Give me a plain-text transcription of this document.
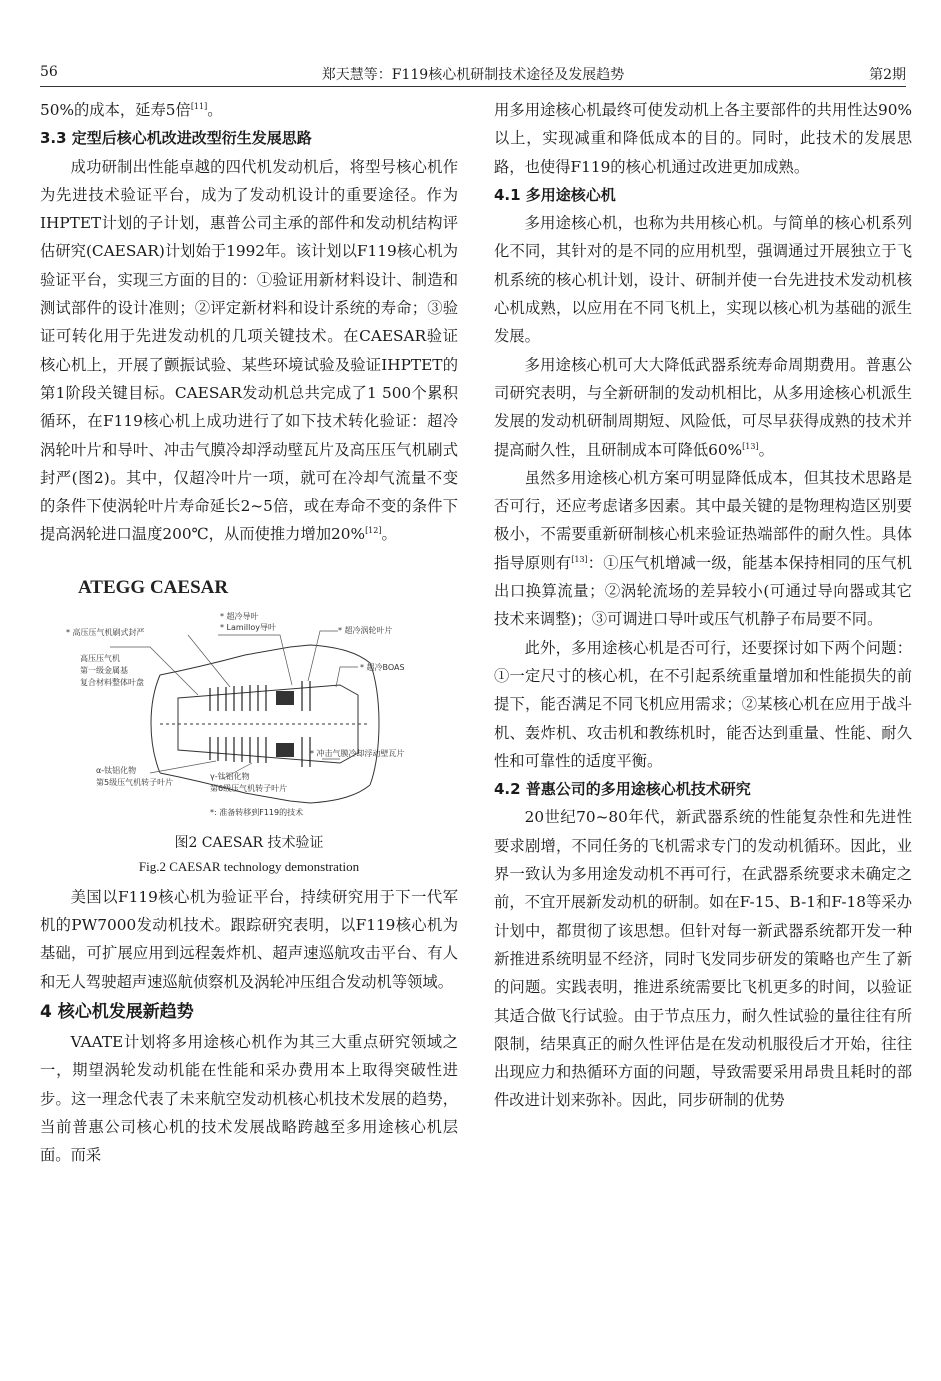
56	郑天慧等：F119核心机研制技术途径及发展趋势	第2期

50%的成本，延寿5倍[11]。

3.3 定型后核心机改进改型衍生发展思路

成功研制出性能卓越的四代机发动机后，将型号核心机作为先进技术验证平台，成为了发动机设计的重要途径。作为IHPTET计划的子计划，惠普公司主承的部件和发动机结构评估研究(CAESAR)计划始于1992年。该计划以F119核心机为验证平台，实现三方面的目的：①验证用新材料设计、制造和测试部件的设计准则；②评定新材料和设计系统的寿命；③验证可转化用于先进发动机的几项关键技术。在CAESAR验证核心机上，开展了颤振试验、某些环境试验及验证IHPTET的第1阶段关键目标。CAESAR发动机总共完成了1 500个累积循环，在F119核心机上成功进行了如下技术转化验证：超冷涡轮叶片和导叶、冲击气膜冷却浮动壁瓦片及高压压气机刷式封严(图2)。其中，仅超冷叶片一项，就可在冷却气流量不变的条件下使涡轮叶片寿命延长2~5倍，或在寿命不变的条件下提高涡轮进口温度200℃，从而使推力增加20%[12]。

ATEGG CAESAR
* 超冷导叶 * Lamilloy导叶	* 超冷涡轮叶片
* 高压压气机刷式封严
* 超冷BOAS
高压压气机 第一级金属基 复合材料整体叶盘
* 冲击气膜冷却浮动壁瓦片
α-钛铝化物 第5级压气机转子叶片
γ-钛铝化物 第6级压气机转子叶片
*: 准备转移到F119的技术
图2 CAESAR 技术验证
Fig.2 CAESAR technology demonstration

美国以F119核心机为验证平台，持续研究用于下一代军机的PW7000发动机技术。跟踪研究表明，以F119核心机为基础，可扩展应用到远程轰炸机、超声速巡航攻击平台、有人和无人驾驶超声速巡航侦察机及涡轮冲压组合发动机等领域。

4 核心机发展新趋势

VAATE计划将多用途核心机作为其三大重点研究领域之一，期望涡轮发动机能在性能和采办费用本上取得突破性进步。这一理念代表了未来航空发动机核心机技术发展的趋势，当前普惠公司核心机的技术发展战略跨越至多用途核心机层面。而采

用多用途核心机最终可使发动机上各主要部件的共用性达90%以上，实现减重和降低成本的目的。同时，此技术的发展思路，也使得F119的核心机通过改进更加成熟。

4.1 多用途核心机

多用途核心机，也称为共用核心机。与简单的核心机系列化不同，其针对的是不同的应用机型，强调通过开展独立于飞机系统的核心机计划，设计、研制并使一台先进技术发动机核心机成熟，以应用在不同飞机上，实现以核心机为基础的派生发展。

多用途核心机可大大降低武器系统寿命周期费用。普惠公司研究表明，与全新研制的发动机相比，从多用途核心机派生发展的发动机研制周期短、风险低，可尽早获得成熟的技术并提高耐久性，且研制成本可降低60%[13]。

虽然多用途核心机方案可明显降低成本，但其技术思路是否可行，还应考虑诸多因素。其中最关键的是物理构造区别要极小，不需要重新研制核心机来验证热端部件的耐久性。具体指导原则有[13]：①压气机增减一级，能基本保持相同的压气机出口换算流量；②涡轮流场的差异较小(可通过导向器或其它技术来调整)；③可调进口导叶或压气机静子布局要不同。

此外，多用途核心机是否可行，还要探讨如下两个问题：①一定尺寸的核心机，在不引起系统重量增加和性能损失的前提下，能否满足不同飞机应用需求；②某核心机在应用于战斗机、轰炸机、攻击机和教练机时，能否达到重量、性能、耐久性和可靠性的适度平衡。

4.2 普惠公司的多用途核心机技术研究

20世纪70~80年代，新武器系统的性能复杂性和先进性要求剧增，不同任务的飞机需求专门的发动机循环。因此，业界一致认为多用途发动机不再可行，在武器系统要求未确定之前，不宜开展新发动机的研制。如在F-15、B-1和F-18等采办计划中，都贯彻了该思想。但针对每一新武器系统都开发一种新推进系统明显不经济，同时飞发同步研发的策略也产生了新的问题。实践表明，推进系统需要比飞机更多的时间，以验证其适合做飞行试验。由于节点压力，耐久性试验的量往往有所限制，结果真正的耐久性评估是在发动机服役后才开始，往往出现应力和热循环方面的问题，导致需要采用昂贵且耗时的部件改进计划来弥补。因此，同步研制的优势
